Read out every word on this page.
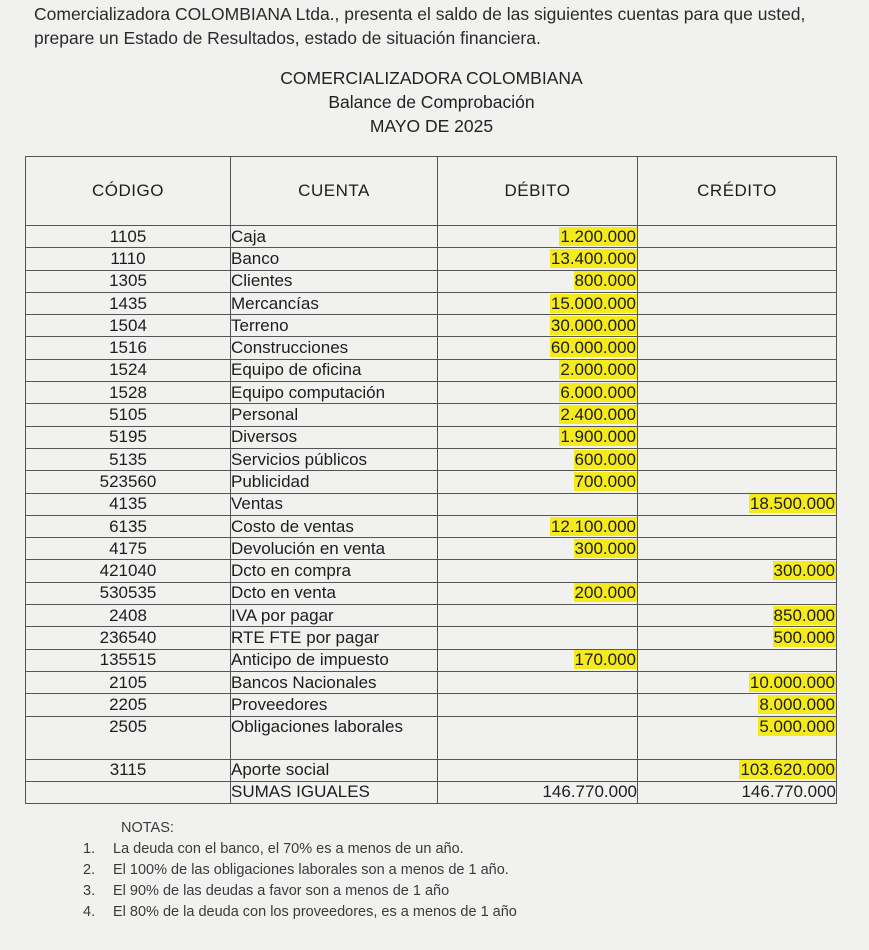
Comercializadora COLOMBIANA Ltda., presenta el saldo de las siguientes cuentas para que usted, prepare un Estado de Resultados, estado de situación financiera.
COMERCIALIZADORA COLOMBIANA
Balance de Comprobación
MAYO DE 2025
CÓDIGO	CUENTA	DÉBITO	CRÉDITO
1105	Caja	1.200.000	
1110	Banco	13.400.000	
1305	Clientes	800.000	
1435	Mercancías	15.000.000	
1504	Terreno	30.000.000	
1516	Construcciones	60.000.000	
1524	Equipo de oficina	2.000.000	
1528	Equipo computación	6.000.000	
5105	Personal	2.400.000	
5195	Diversos	1.900.000	
5135	Servicios públicos	600.000	
523560	Publicidad	700.000	
4135	Ventas		18.500.000
6135	Costo de ventas	12.100.000	
4175	Devolución en venta	300.000	
421040	Dcto en compra		300.000
530535	Dcto en venta	200.000	
2408	IVA por pagar		850.000
236540	RTE FTE por pagar		500.000
135515	Anticipo de impuesto	170.000	
2105	Bancos Nacionales		10.000.000
2205	Proveedores		8.000.000
2505	Obligaciones laborales		5.000.000
3115	Aporte social		103.620.000
	SUMAS IGUALES	146.770.000	146.770.000
NOTAS:
1.	La deuda con el banco, el 70% es a menos de un año.
2.	El 100% de las obligaciones laborales son a menos de 1 año.
3.	El 90% de las deudas a favor son a menos de 1 año
4.	El 80% de la deuda con los proveedores, es a menos de 1 año
